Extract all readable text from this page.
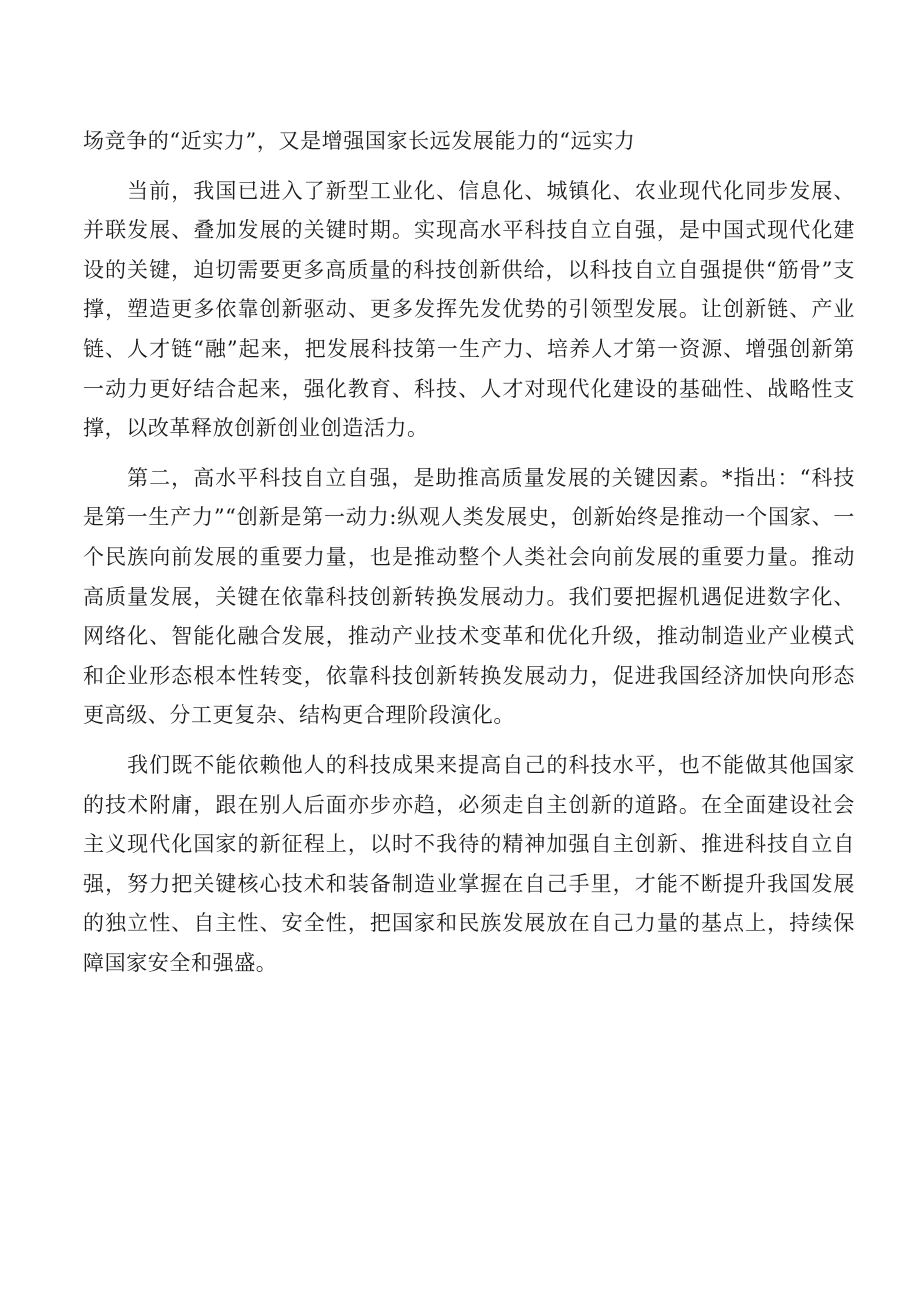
场竞争的“近实力”，又是增强国家长远发展能力的“远实力

当前，我国已进入了新型工业化、信息化、城镇化、农业现代化同步发展、并联发展、叠加发展的关键时期。实现高水平科技自立自强，是中国式现代化建设的关键，迫切需要更多高质量的科技创新供给，以科技自立自强提供“筋骨”支撑，塑造更多依靠创新驱动、更多发挥先发优势的引领型发展。让创新链、产业链、人才链“融”起来，把发展科技第一生产力、培养人才第一资源、增强创新第一动力更好结合起来，强化教育、科技、人才对现代化建设的基础性、战略性支撑，以改革释放创新创业创造活力。

第二，高水平科技自立自强，是助推高质量发展的关键因素。*指出：“科技是第一生产力”“创新是第一动力:纵观人类发展史，创新始终是推动一个国家、一个民族向前发展的重要力量，也是推动整个人类社会向前发展的重要力量。推动高质量发展，关键在依靠科技创新转换发展动力。我们要把握机遇促进数字化、网络化、智能化融合发展，推动产业技术变革和优化升级，推动制造业产业模式和企业形态根本性转变，依靠科技创新转换发展动力，促进我国经济加快向形态更高级、分工更复杂、结构更合理阶段演化。

我们既不能依赖他人的科技成果来提高自己的科技水平，也不能做其他国家的技术附庸，跟在别人后面亦步亦趋，必须走自主创新的道路。在全面建设社会主义现代化国家的新征程上，以时不我待的精神加强自主创新、推进科技自立自强，努力把关键核心技术和装备制造业掌握在自己手里，才能不断提升我国发展的独立性、自主性、安全性，把国家和民族发展放在自己力量的基点上，持续保障国家安全和强盛。
